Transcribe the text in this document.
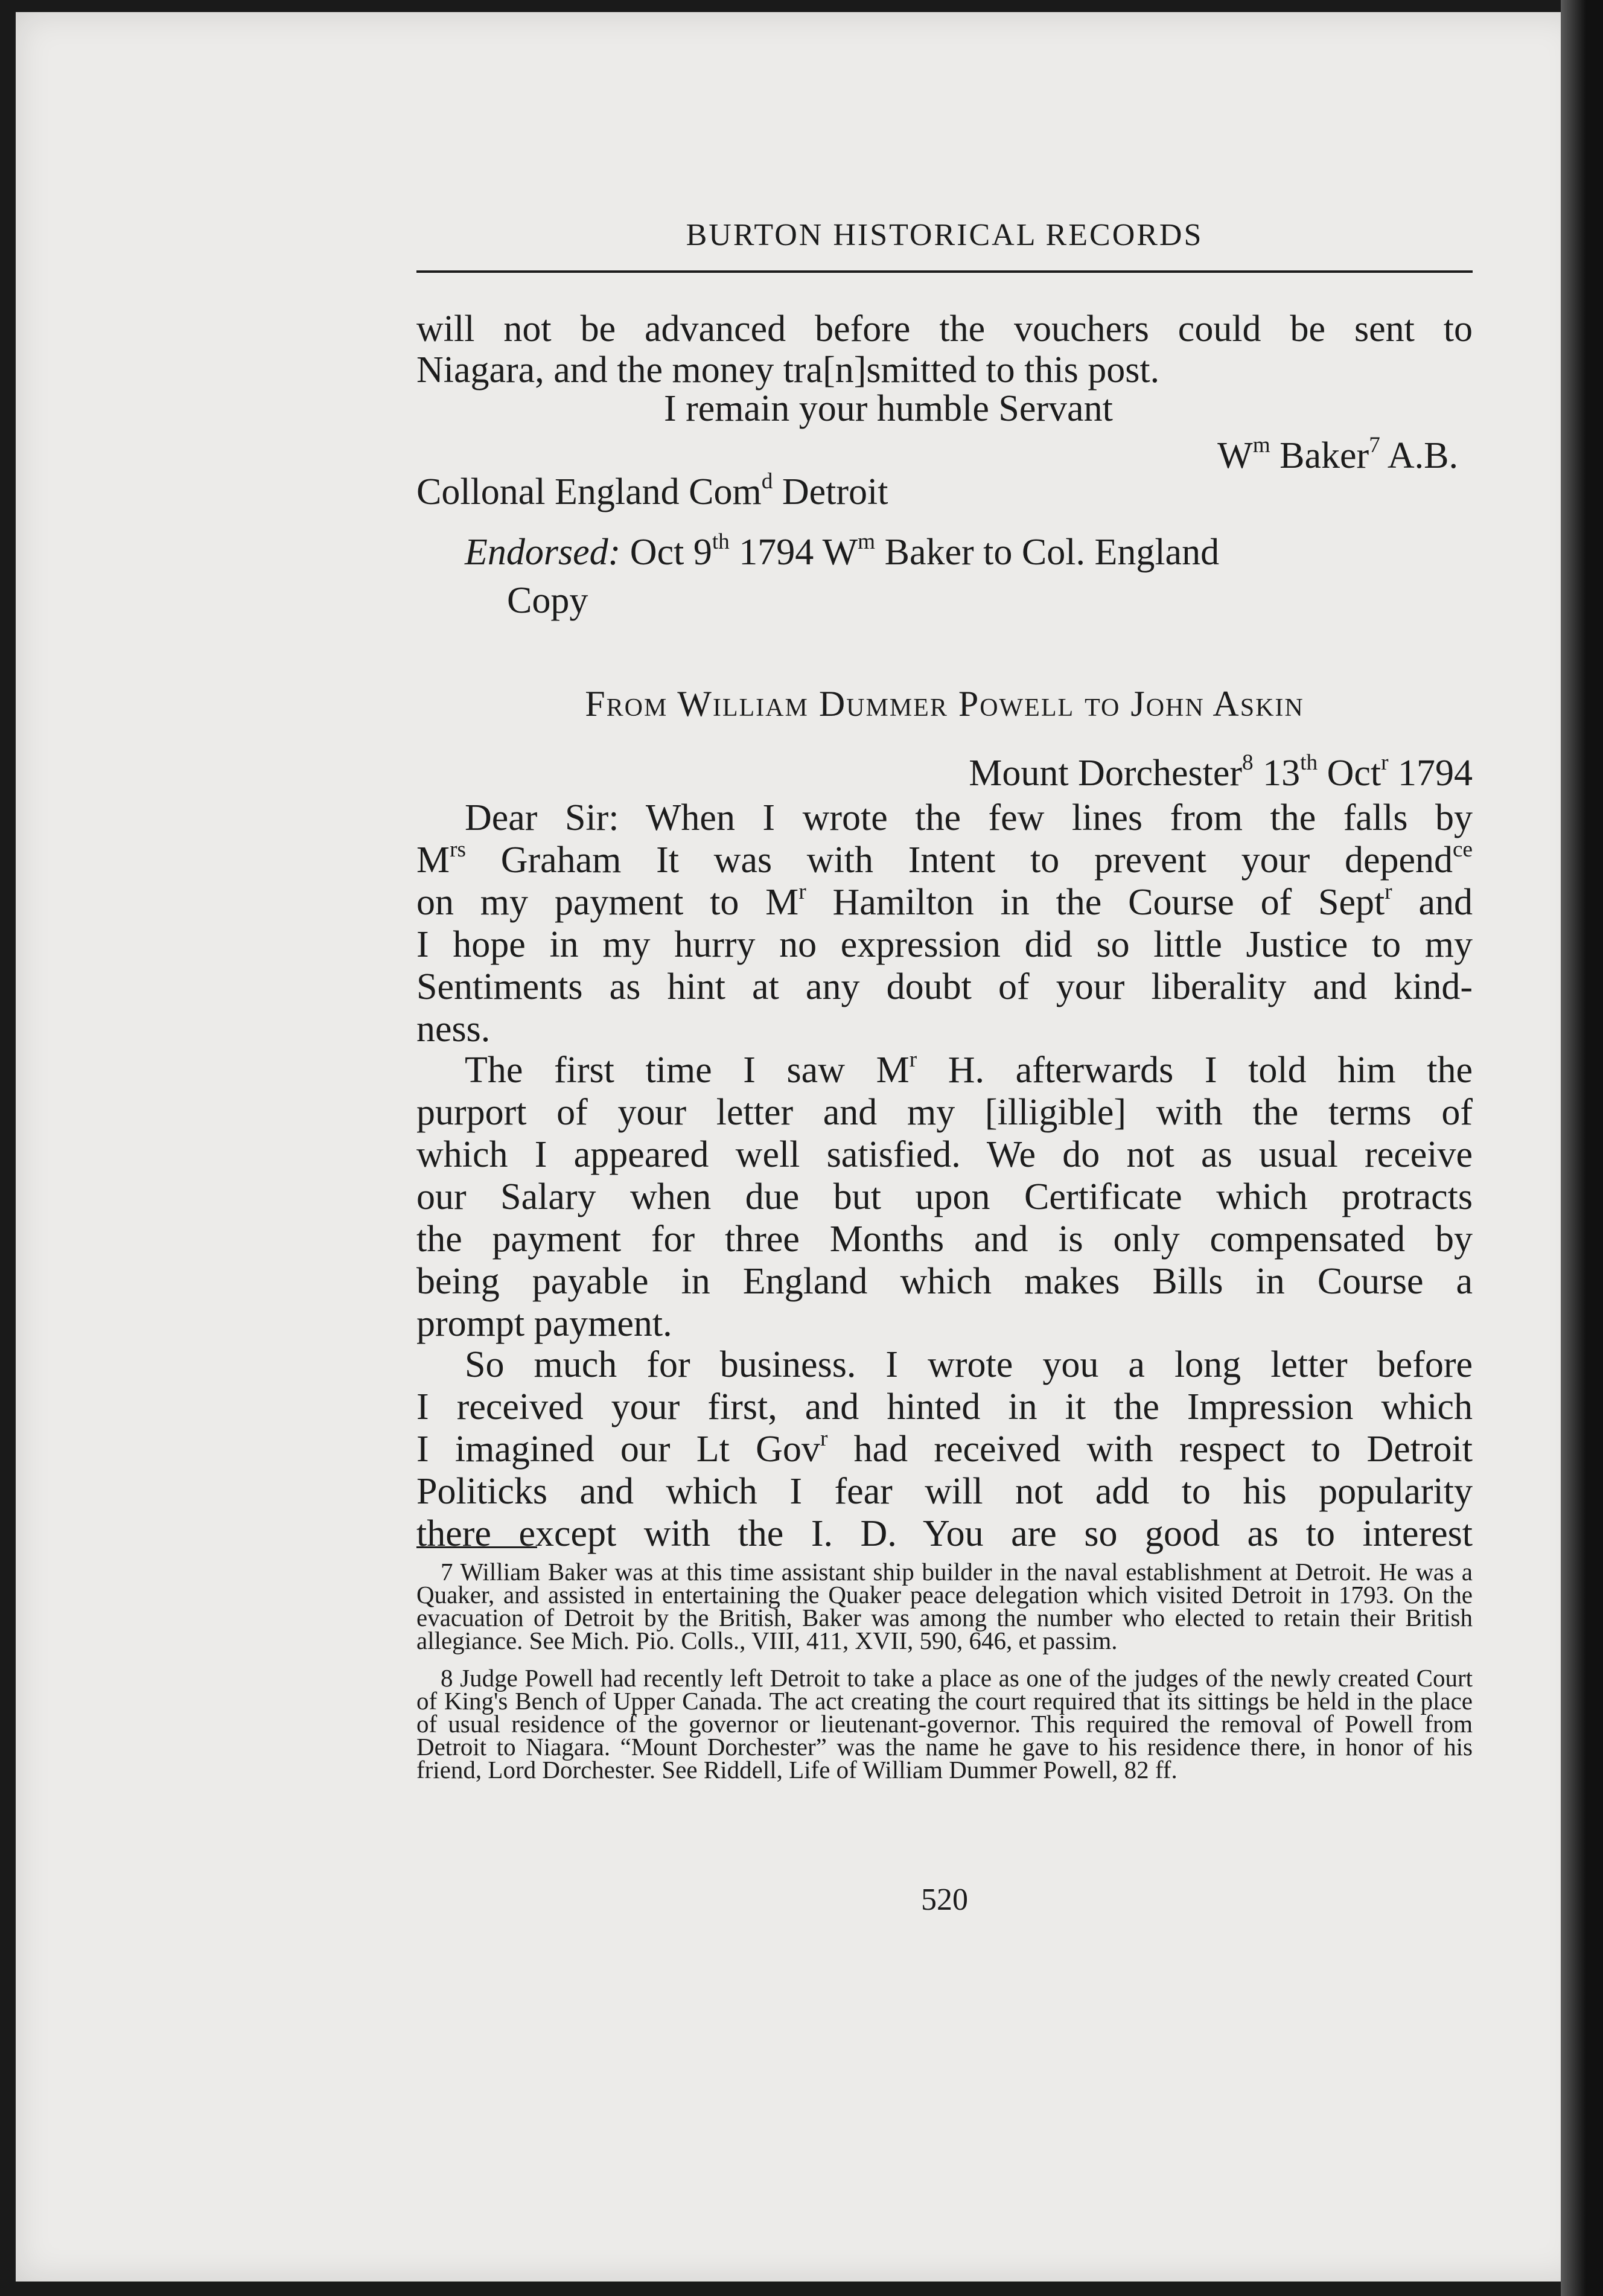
BURTON HISTORICAL RECORDS
will not be advanced before the vouchers could be sent to
Niagara, and the money tra[n]smitted to this post.
I remain your humble Servant
$W^m$ Baker$^7$ A.B.
Collonal England Com$^d$ Detroit
Endorsed: Oct 9th 1794 $W^m$ Baker to Col. England
Copy
From William Dummer Powell to John Askin
Mount Dorchester$^8$ 13th Oct$^r$ 1794
Dear Sir: When I wrote the few lines from the falls by
$M^{rs}$ Graham It was with Intent to prevent your depend$^{ce}$
on my payment to $M^r$ Hamilton in the Course of Sept$^r$ and
I hope in my hurry no expression did so little Justice to my
Sentiments as hint at any doubt of your liberality and kind-
ness.
The first time I saw $M^r$ H. afterwards I told him the
purport of your letter and my [illigible] with the terms of
which I appeared well satisfied. We do not as usual receive
our Salary when due but upon Certificate which protracts
the payment for three Months and is only compensated by
being payable in England which makes Bills in Course a
prompt payment.
So much for business. I wrote you a long letter before
I received your first, and hinted in it the Impression which
I imagined our Lt Gov$^r$ had received with respect to Detroit
Politicks and which I fear will not add to his popularity
there except with the I. D. You are so good as to interest

7 William Baker was at this time assistant ship builder in the naval establishment at Detroit. He was a Quaker, and assisted in entertaining the Quaker peace delegation which visited Detroit in 1793. On the evacuation of Detroit by the British, Baker was among the number who elected to retain their British allegiance. See Mich. Pio. Colls., VIII, 411, XVII, 590, 646, et passim.

8 Judge Powell had recently left Detroit to take a place as one of the judges of the newly created Court of King's Bench of Upper Canada. The act creating the court required that its sittings be held in the place of usual residence of the governor or lieutenant-governor. This required the removal of Powell from Detroit to Niagara. “Mount Dorchester” was the name he gave to his residence there, in honor of his friend, Lord Dorchester. See Riddell, Life of William Dummer Powell, 82 ff.

520
